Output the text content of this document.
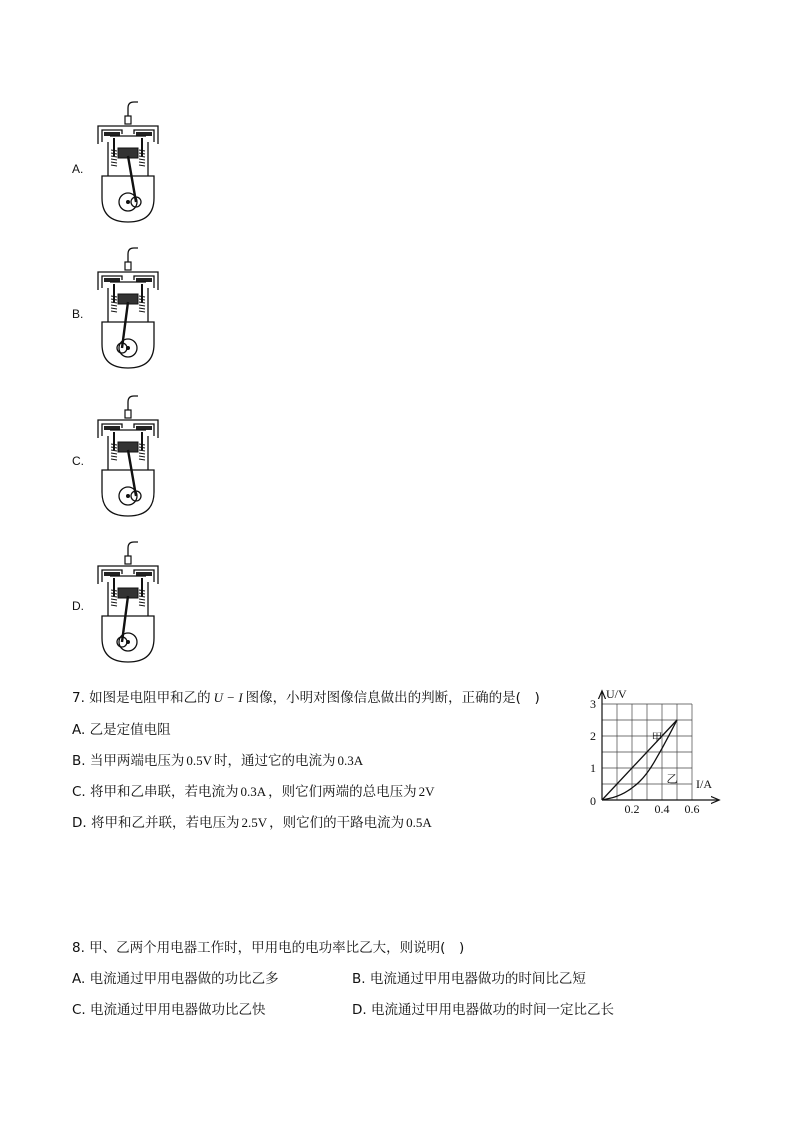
A.
B.
C.
D.
7. 如图是电阻甲和乙的 U − I 图像，小明对图像信息做出的判断，正确的是(　)
A. 乙是定值电阻
B. 当甲两端电压为 0.5V 时，通过它的电流为 0.3A
C. 将甲和乙串联，若电流为 0.3A ，则它们两端的总电压为 2V
D. 将甲和乙并联，若电压为 2.5V ，则它们的干路电流为 0.5A
0.2 0.4 0.6
1
2
3
0
I/A
U/V
甲
乙
8. 甲、乙两个用电器工作时，甲用电的电功率比乙大，则说明(　)
A. 电流通过甲用电器做的功比乙多	B. 电流通过甲用电器做功的时间比乙短
C. 电流通过甲用电器做功比乙快	D. 电流通过甲用电器做功的时间一定比乙长
